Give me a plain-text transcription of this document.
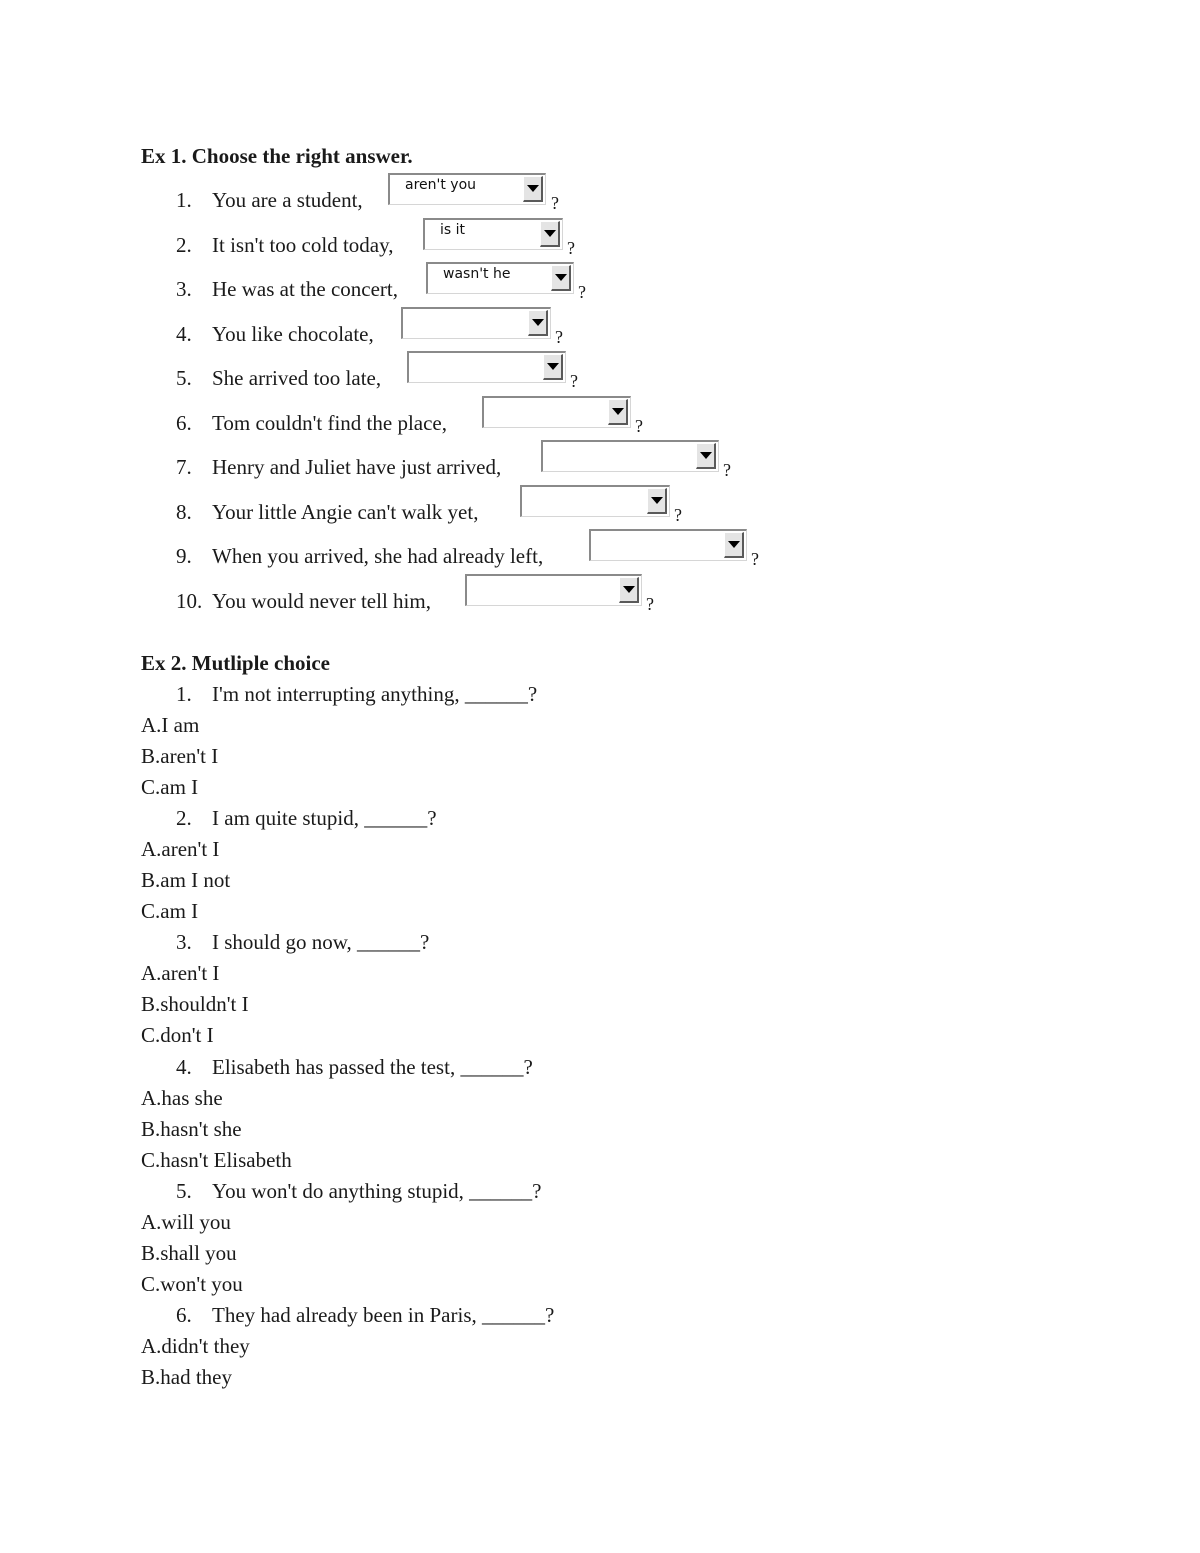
Ex 1. Choose the right answer.
1. You are a student,
aren't you
?
2. It isn't too cold today,
is it
?
3. He was at the concert,
wasn't he
?
4. You like chocolate,	?
5. She arrived too late,	?
6. Tom couldn't find the place,	?
7. Henry and Juliet have just arrived,	?
8. Your little Angie can't walk yet,	?
9. When you arrived, she had already left,	?
10. You would never tell him,	?
Ex 2. Mutliple choice
1. I'm not interrupting anything, ______?
A.I am
B.aren't I
C.am I
2. I am quite stupid, ______?
A.aren't I
B.am I not
C.am I
3. I should go now, ______?
A.aren't I
B.shouldn't I
C.don't I
4. Elisabeth has passed the test, ______?
A.has she
B.hasn't she
C.hasn't Elisabeth
5. You won't do anything stupid, ______?
A.will you
B.shall you
C.won't you
6. They had already been in Paris, ______?
A.didn't they
B.had they
